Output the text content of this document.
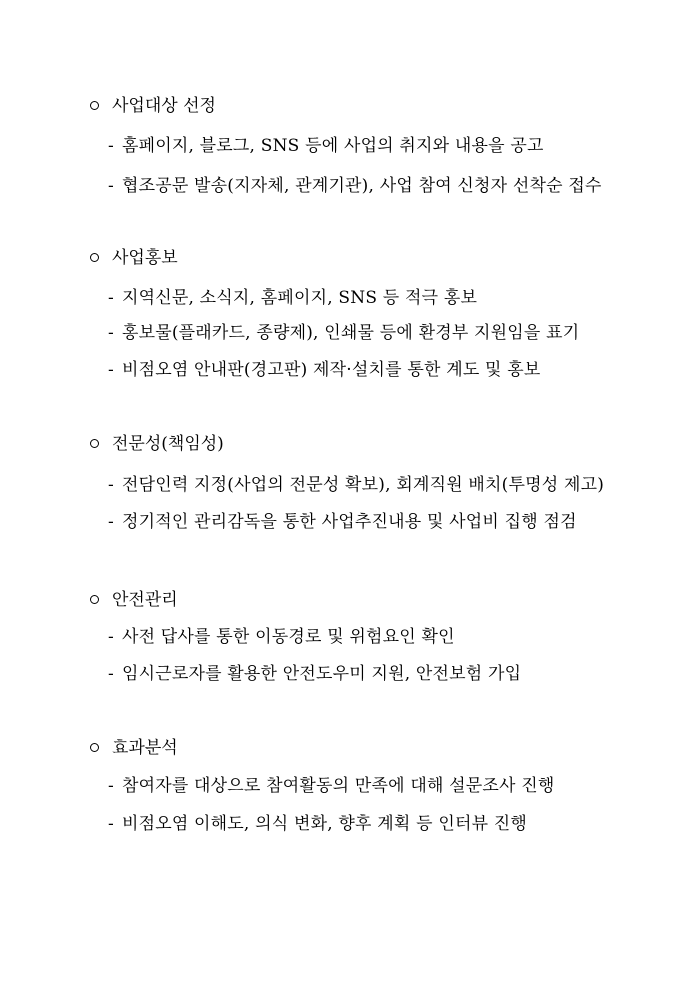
사업대상 선정
- 홈페이지, 블로그, SNS 등에 사업의 취지와 내용을 공고
- 협조공문 발송(지자체, 관계기관), 사업 참여 신청자 선착순 접수
사업홍보
- 지역신문, 소식지, 홈페이지, SNS 등 적극 홍보
- 홍보물(플래카드, 종량제), 인쇄물 등에 환경부 지원임을 표기
- 비점오염 안내판(경고판) 제작·설치를 통한 계도 및 홍보
전문성(책임성)
- 전담인력 지정(사업의 전문성 확보), 회계직원 배치(투명성 제고)
- 정기적인 관리감독을 통한 사업추진내용 및 사업비 집행 점검
안전관리
- 사전 답사를 통한 이동경로 및 위험요인 확인
- 임시근로자를 활용한 안전도우미 지원, 안전보험 가입
효과분석
- 참여자를 대상으로 참여활동의 만족에 대해 설문조사 진행
- 비점오염 이해도, 의식 변화, 향후 계획 등 인터뷰 진행
